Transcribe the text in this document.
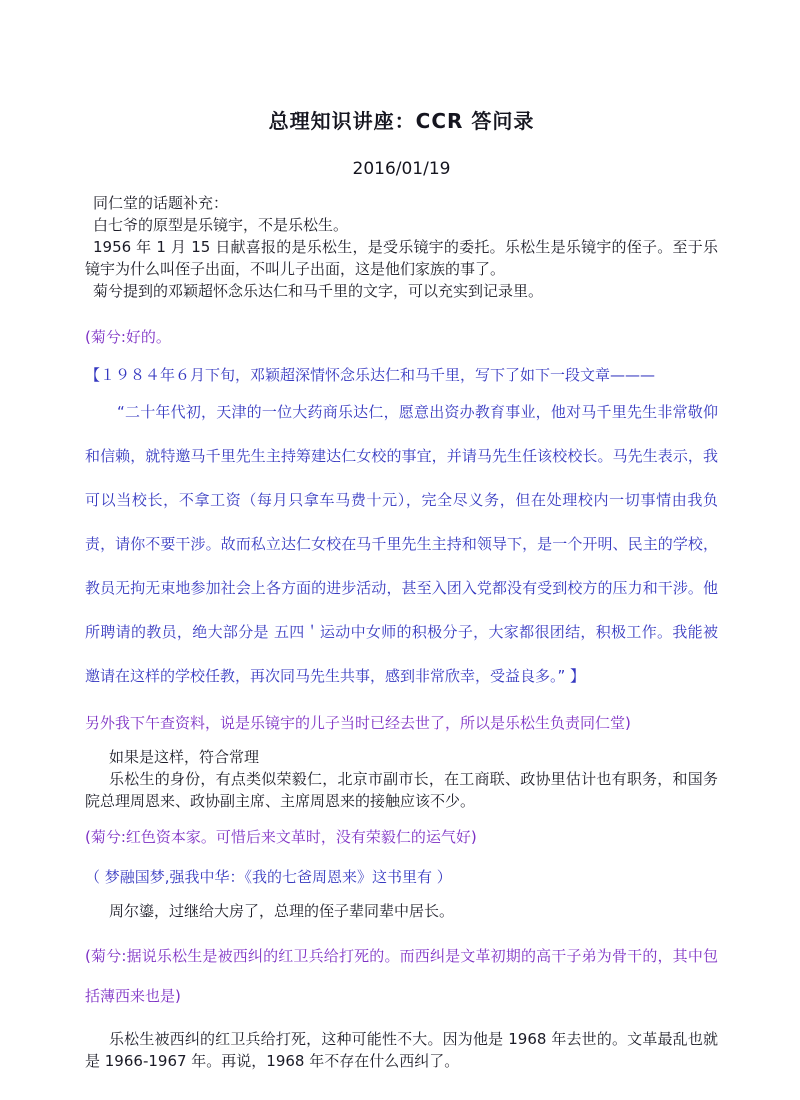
总理知识讲座：CCR 答问录
2016/01/19

同仁堂的话题补充：

白七爷的原型是乐镜宇，不是乐松生。

1956 年 1 月 15 日献喜报的是乐松生，是受乐镜宇的委托。乐松生是乐镜宇的侄子。至于乐镜宇为什么叫侄子出面，不叫儿子出面，这是他们家族的事了。

菊兮提到的邓颖超怀念乐达仁和马千里的文字，可以充实到记录里。

(菊兮:好的。

【１９８４年６月下旬，邓颖超深情怀念乐达仁和马千里，写下了如下一段文章———

“二十年代初，天津的一位大药商乐达仁，愿意出资办教育事业，他对马千里先生非常敬仰和信赖，就特邀马千里先生主持筹建达仁女校的事宜，并请马先生任该校校长。马先生表示，我可以当校长，不拿工资（每月只拿车马费十元），完全尽义务，但在处理校内一切事情由我负责，请你不要干涉。故而私立达仁女校在马千里先生主持和领导下，是一个开明、民主的学校，教员无拘无束地参加社会上各方面的进步活动，甚至入团入党都没有受到校方的压力和干涉。他所聘请的教员，绝大部分是 五四＇运动中女师的积极分子，大家都很团结，积极工作。我能被邀请在这样的学校任教，再次同马先生共事，感到非常欣幸，受益良多。” 】

另外我下午查资料，说是乐镜宇的儿子当时已经去世了，所以是乐松生负责同仁堂)

如果是这样，符合常理

乐松生的身份，有点类似荣毅仁，北京市副市长，在工商联、政协里估计也有职务，和国务院总理周恩来、政协副主席、主席周恩来的接触应该不少。

(菊兮:红色资本家。可惜后来文革时，没有荣毅仁的运气好)

（ 梦融国梦,强我中华：《我的七爸周恩来》这书里有 ）

周尔鎏，过继给大房了，总理的侄子辈同辈中居长。

(菊兮:据说乐松生是被西纠的红卫兵给打死的。而西纠是文革初期的高干子弟为骨干的，其中包括薄西来也是)

乐松生被西纠的红卫兵给打死，这种可能性不大。因为他是 1968 年去世的。文革最乱也就是 1966-1967 年。再说，1968 年不存在什么西纠了。
